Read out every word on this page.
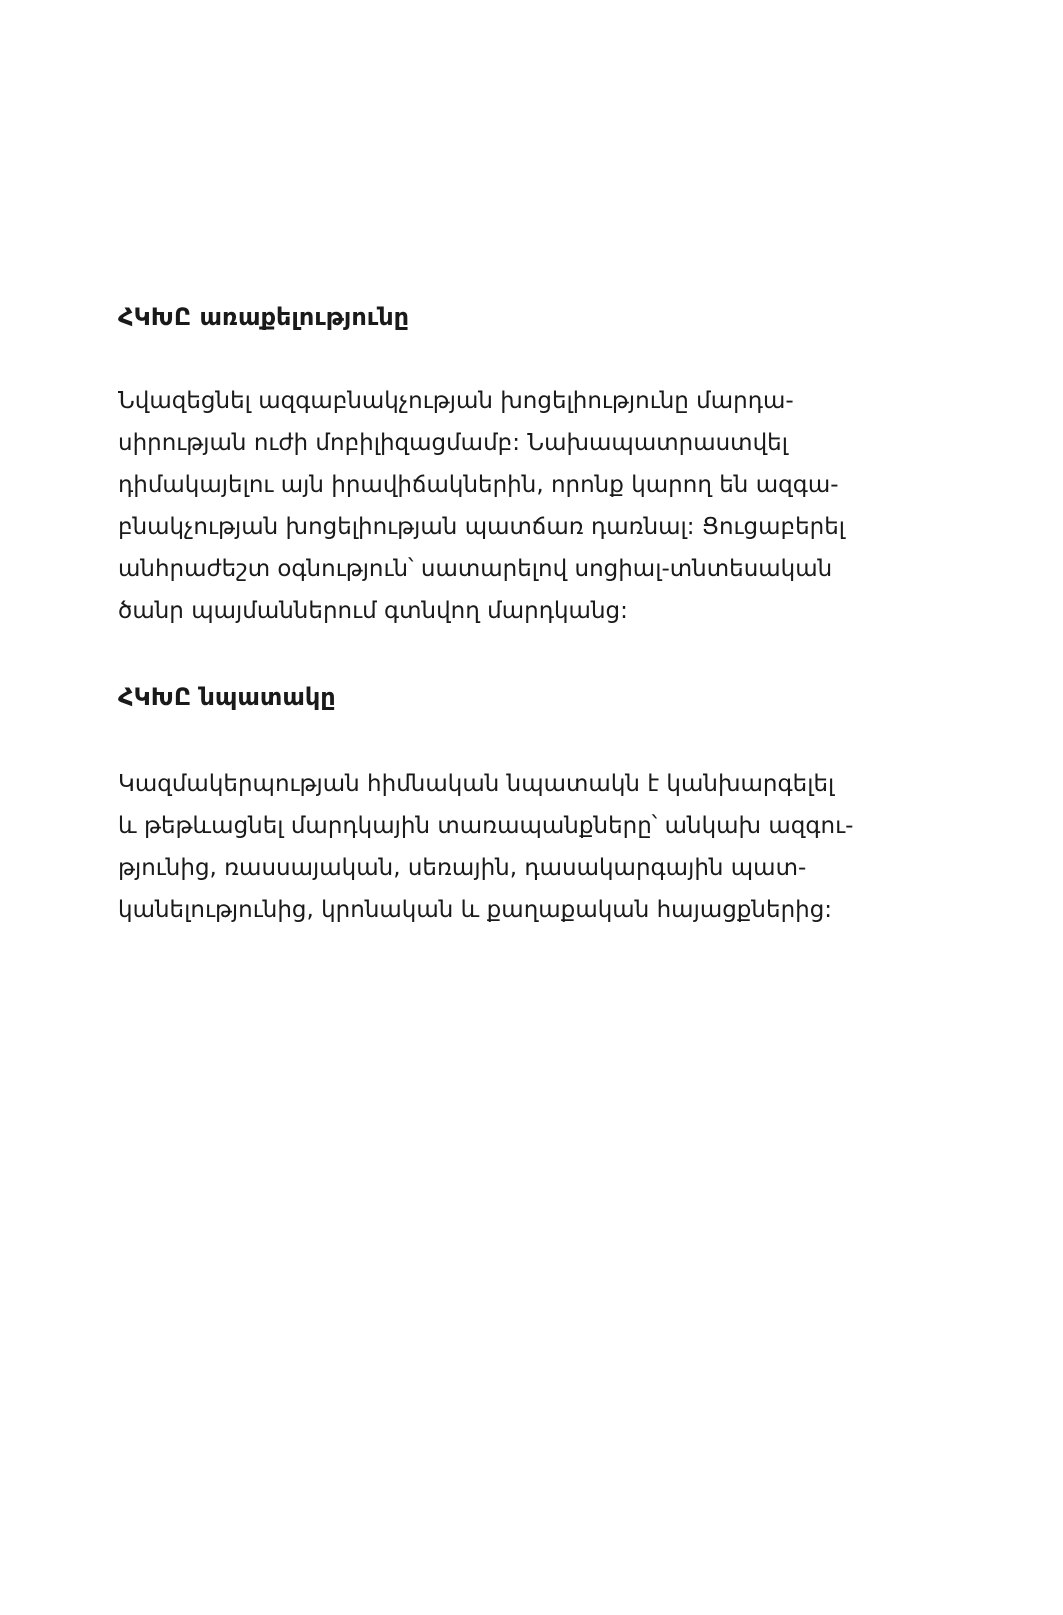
ՀԿԽԸ առաքելությունը

Նվազեցնել ազգաբնակչության խոցելիությունը մարդա-
սիրության ուժի մոբիլիզացմամբ: Նախապատրաստվել
դիմակայելու այն իրավիճակներին, որոնք կարող են ազգա-
բնակչության խոցելիության պատճառ դառնալ: Ցուցաբերել
անհրաժեշտ օգնություն՝ սատարելով սոցիալ-տնտեսական
ծանր պայմաններում գտնվող մարդկանց:

ՀԿԽԸ նպատակը

Կազմակերպության հիմնական նպատակն է կանխարգելել
և թեթևացնել մարդկային տառապանքները՝ անկախ ազգու-
թյունից, ռասսայական, սեռային, դասակարգային պատ-
կանելությունից, կրոնական և քաղաքական հայացքներից:
